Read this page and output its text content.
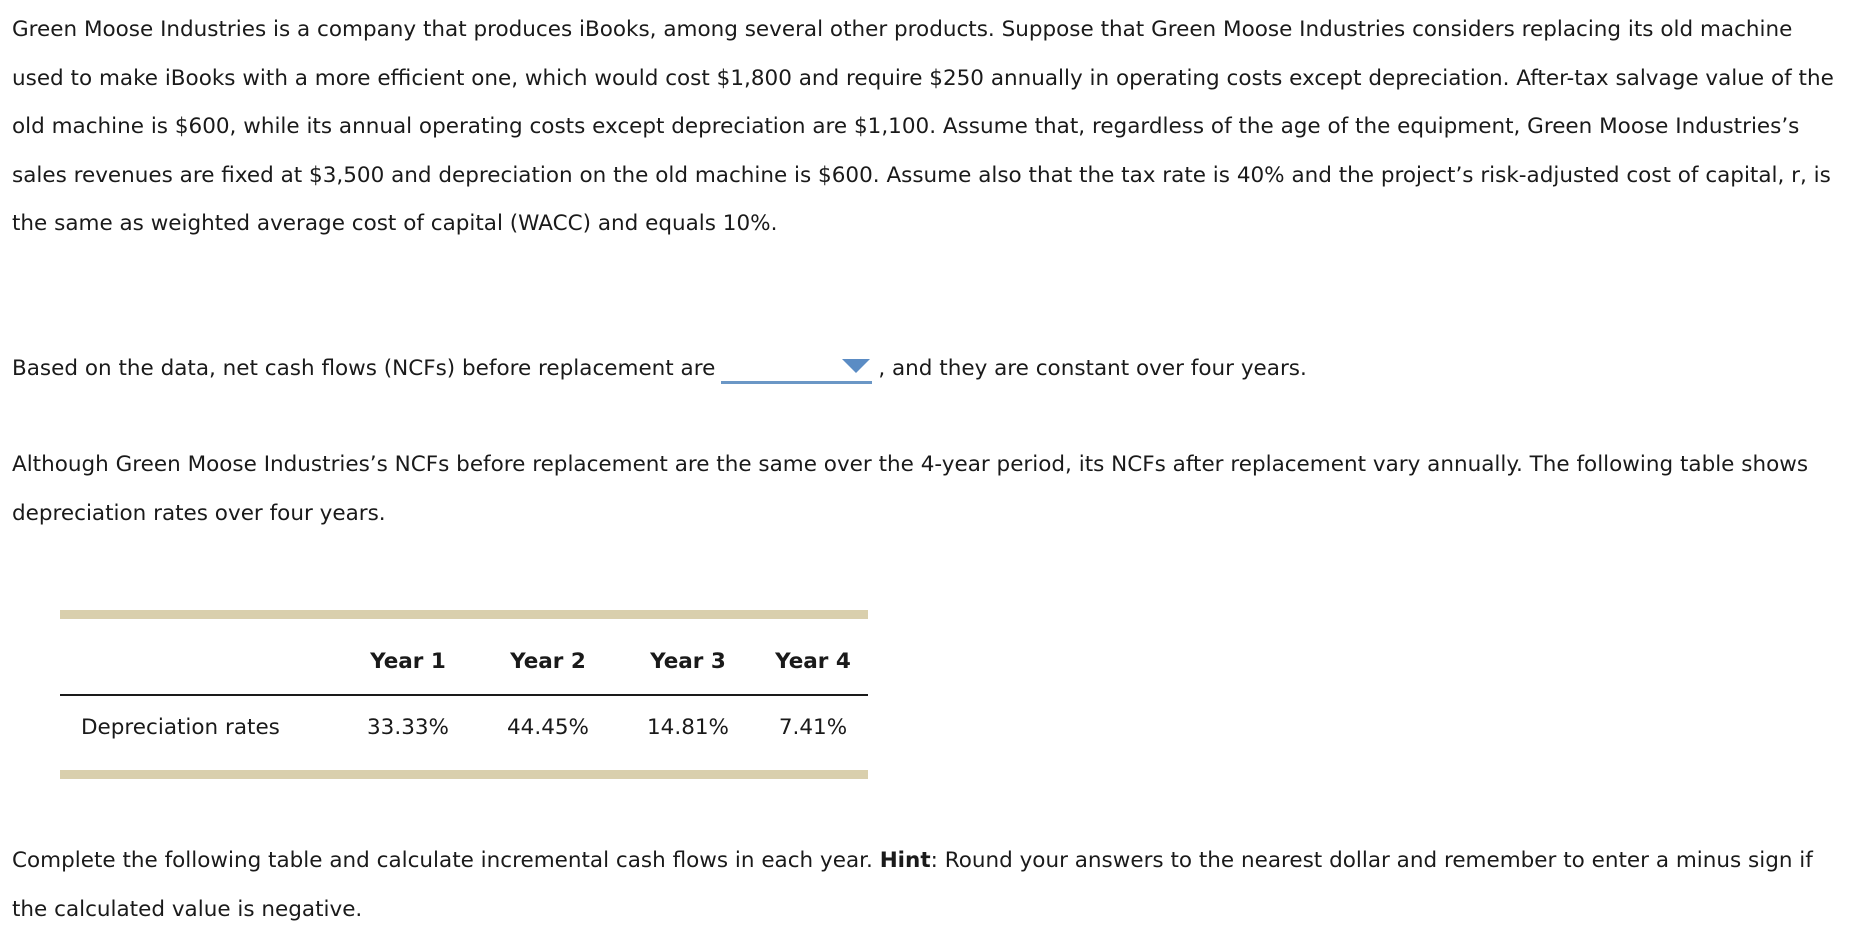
Green Moose Industries is a company that produces iBooks, among several other products. Suppose that Green Moose Industries considers replacing its old machine used to make iBooks with a more efficient one, which would cost $1,800 and require $250 annually in operating costs except depreciation. After-tax salvage value of the old machine is $600, while its annual operating costs except depreciation are $1,100. Assume that, regardless of the age of the equipment, Green Moose Industries’s sales revenues are fixed at $3,500 and depreciation on the old machine is $600. Assume also that the tax rate is 40% and the project’s risk-adjusted cost of capital, r, is the same as weighted average cost of capital (WACC) and equals 10%.

Based on the data, net cash flows (NCFs) before replacement are	, and they are constant over four years.

Although Green Moose Industries’s NCFs before replacement are the same over the 4-year period, its NCFs after replacement vary annually. The following table shows depreciation rates over four years.

	Year 1	Year 2	Year 3	Year 4
Depreciation rates	33.33%	44.45%	14.81%	7.41%

Complete the following table and calculate incremental cash flows in each year. Hint: Round your answers to the nearest dollar and remember to enter a minus sign if the calculated value is negative.
